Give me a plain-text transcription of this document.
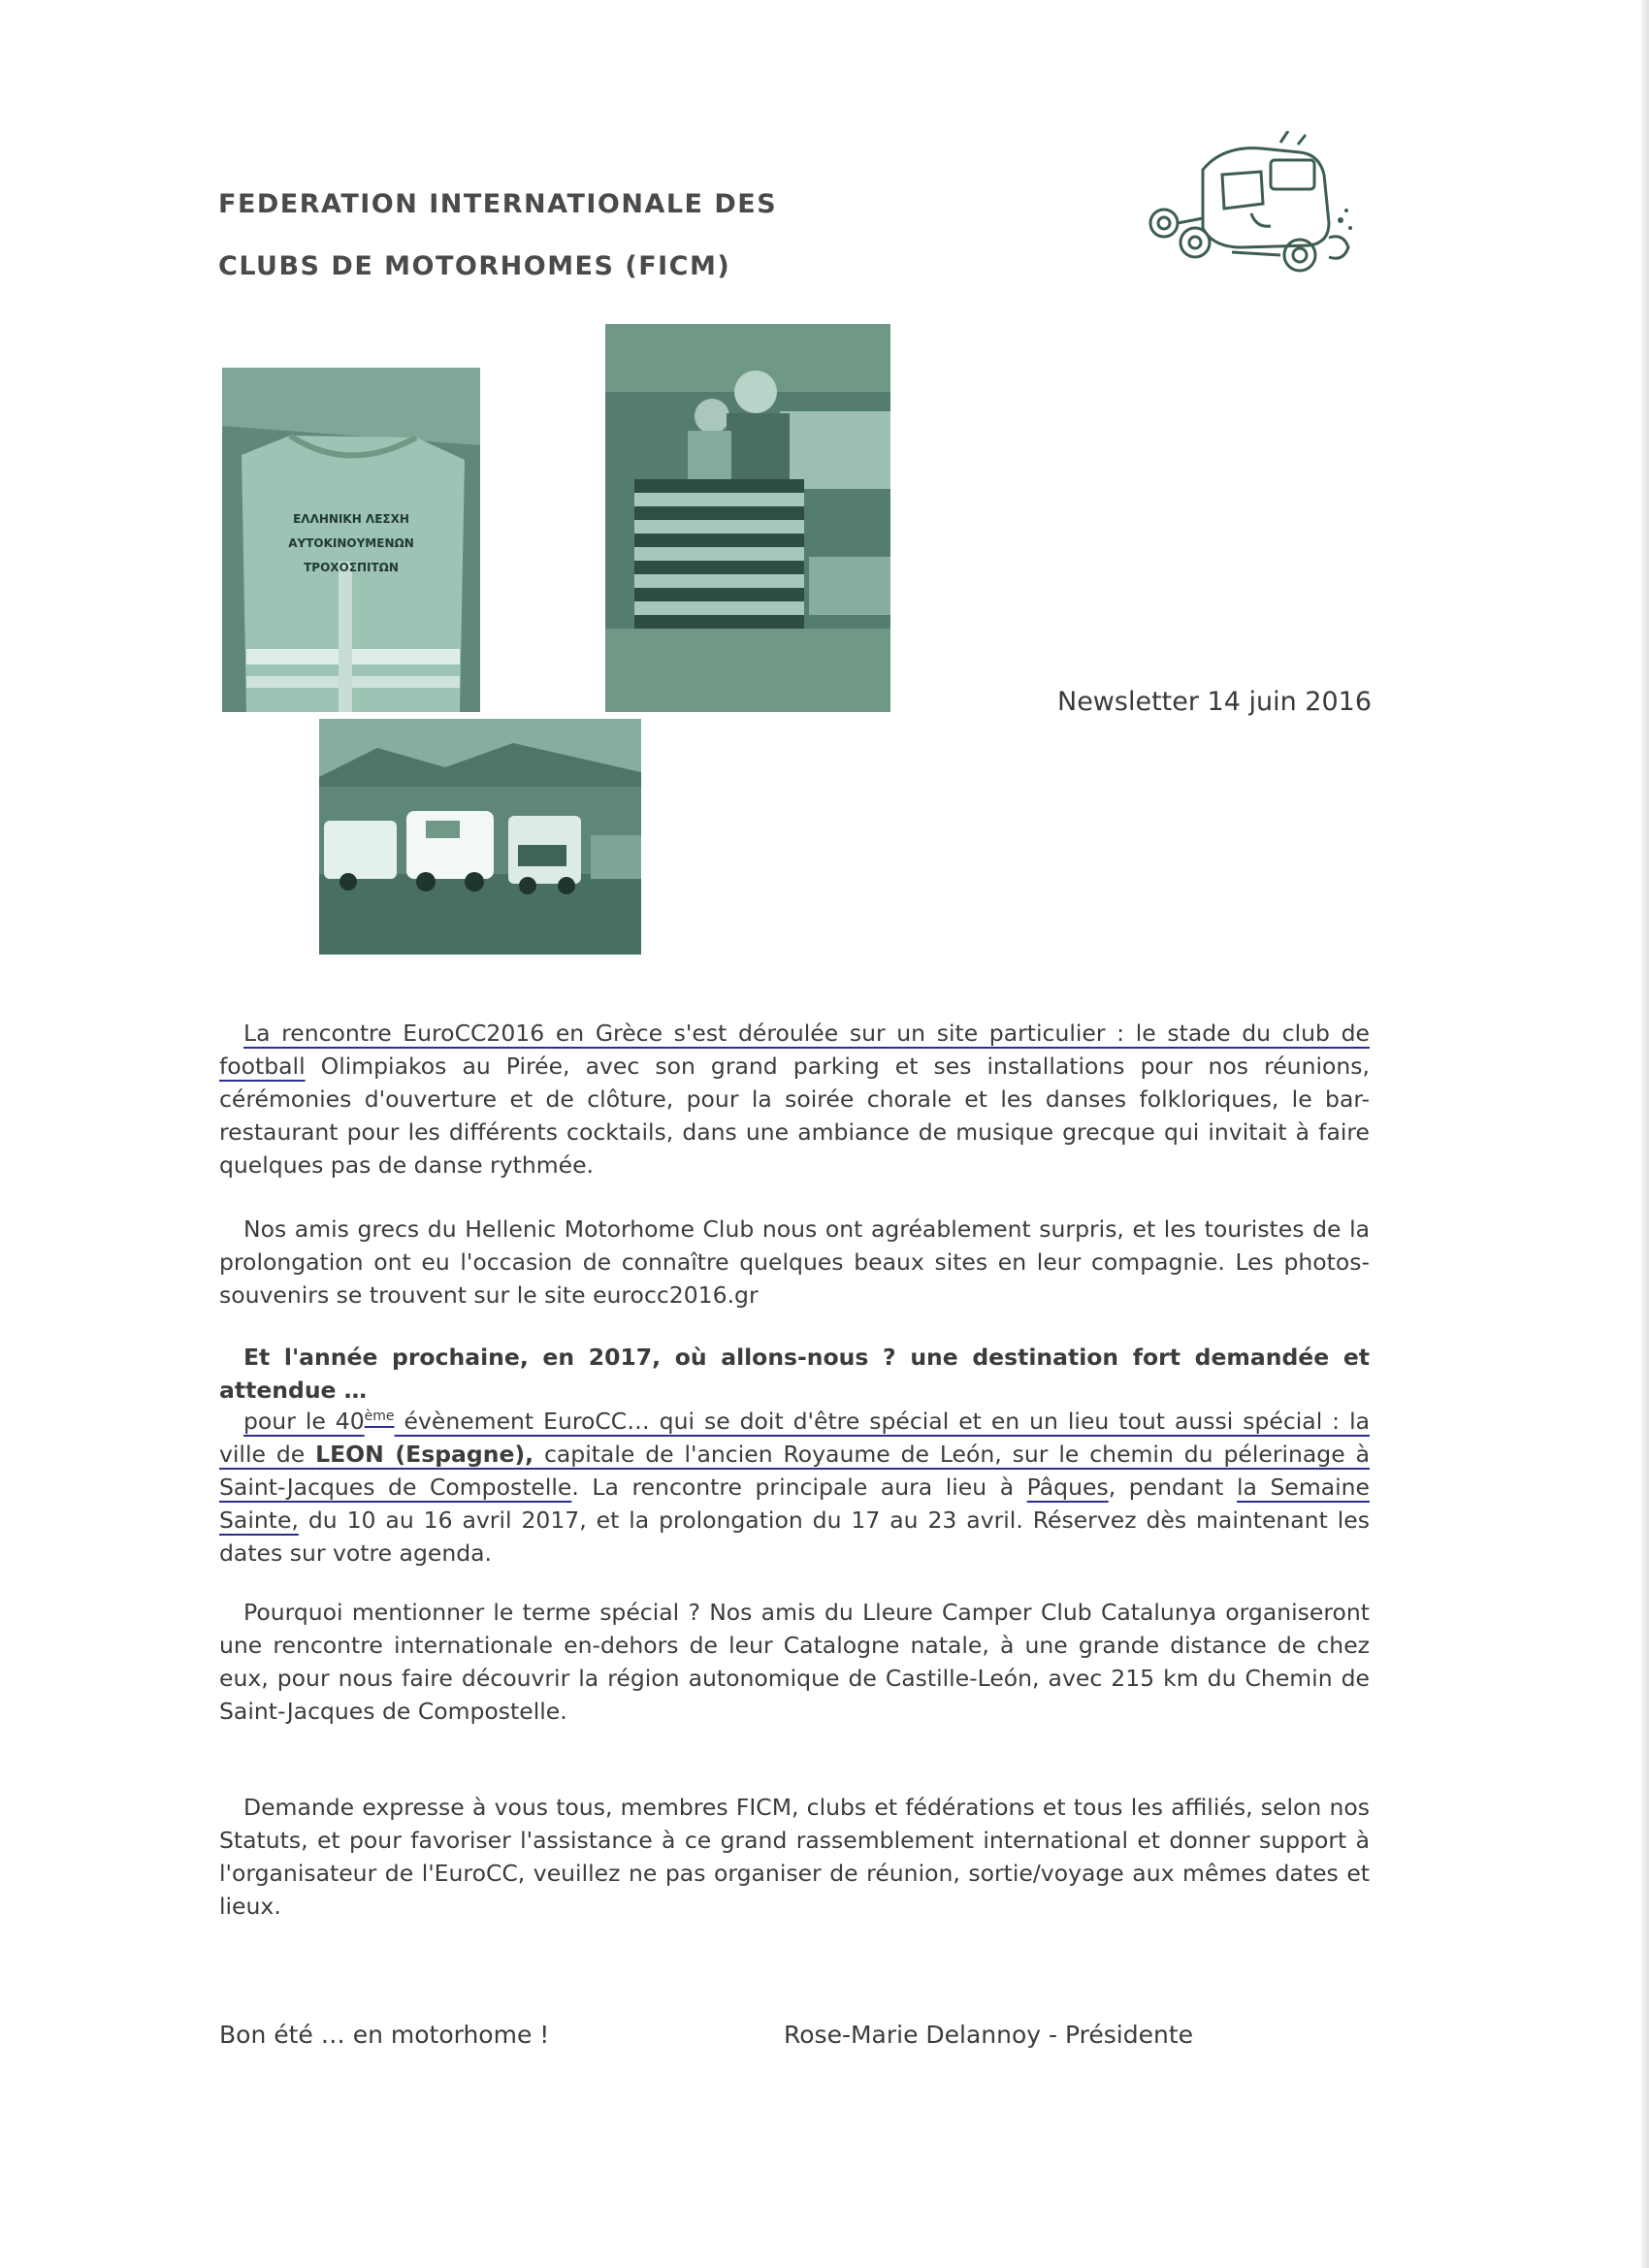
FEDERATION INTERNATIONALE DES
CLUBS DE MOTORHOMES (FICM)
ΕΛΛΗΝΙΚΗ ΛΕΣΧΗ
ΑΥΤΟΚΙΝΟΥΜΕΝΩΝ
ΤΡΟΧΟΣΠΙΤΩΝ
Newsletter 14 juin 2016

La rencontre EuroCC2016 en Grèce s'est déroulée sur un site particulier : le stade du club de football Olimpiakos au Pirée, avec son grand parking et ses installations pour nos réunions, cérémonies d'ouverture et de clôture, pour la soirée chorale et les danses folkloriques, le bar-restaurant pour les différents cocktails, dans une ambiance de musique grecque qui invitait à faire quelques pas de danse rythmée.

Nos amis grecs du Hellenic Motorhome Club nous ont agréablement surpris, et les touristes de la prolongation ont eu l'occasion de connaître quelques beaux sites en leur compagnie. Les photos-souvenirs se trouvent sur le site eurocc2016.gr

Et l'année prochaine, en 2017, où allons-nous ? une destination fort demandée et attendue …

pour le 40ème évènement EuroCC… qui se doit d'être spécial et en un lieu tout aussi spécial : la ville de LEON (Espagne), capitale de l'ancien Royaume de León, sur le chemin du pélerinage à Saint-Jacques de Compostelle. La rencontre principale aura lieu à Pâques, pendant la Semaine Sainte, du 10 au 16 avril 2017, et la prolongation du 17 au 23 avril. Réservez dès maintenant les dates sur votre agenda.

Pourquoi mentionner le terme spécial ? Nos amis du Lleure Camper Club Catalunya organiseront une rencontre internationale en-dehors de leur Catalogne natale, à une grande distance de chez eux, pour nous faire découvrir la région autonomique de Castille-León, avec 215 km du Chemin de Saint-Jacques de Compostelle.

Demande expresse à vous tous, membres FICM, clubs et fédérations et tous les affiliés, selon nos Statuts, et pour favoriser l'assistance à ce grand rassemblement international et donner support à l'organisateur de l'EuroCC, veuillez ne pas organiser de réunion, sortie/voyage aux mêmes dates et lieux.

Bon été … en motorhome !	Rose-Marie Delannoy - Présidente
